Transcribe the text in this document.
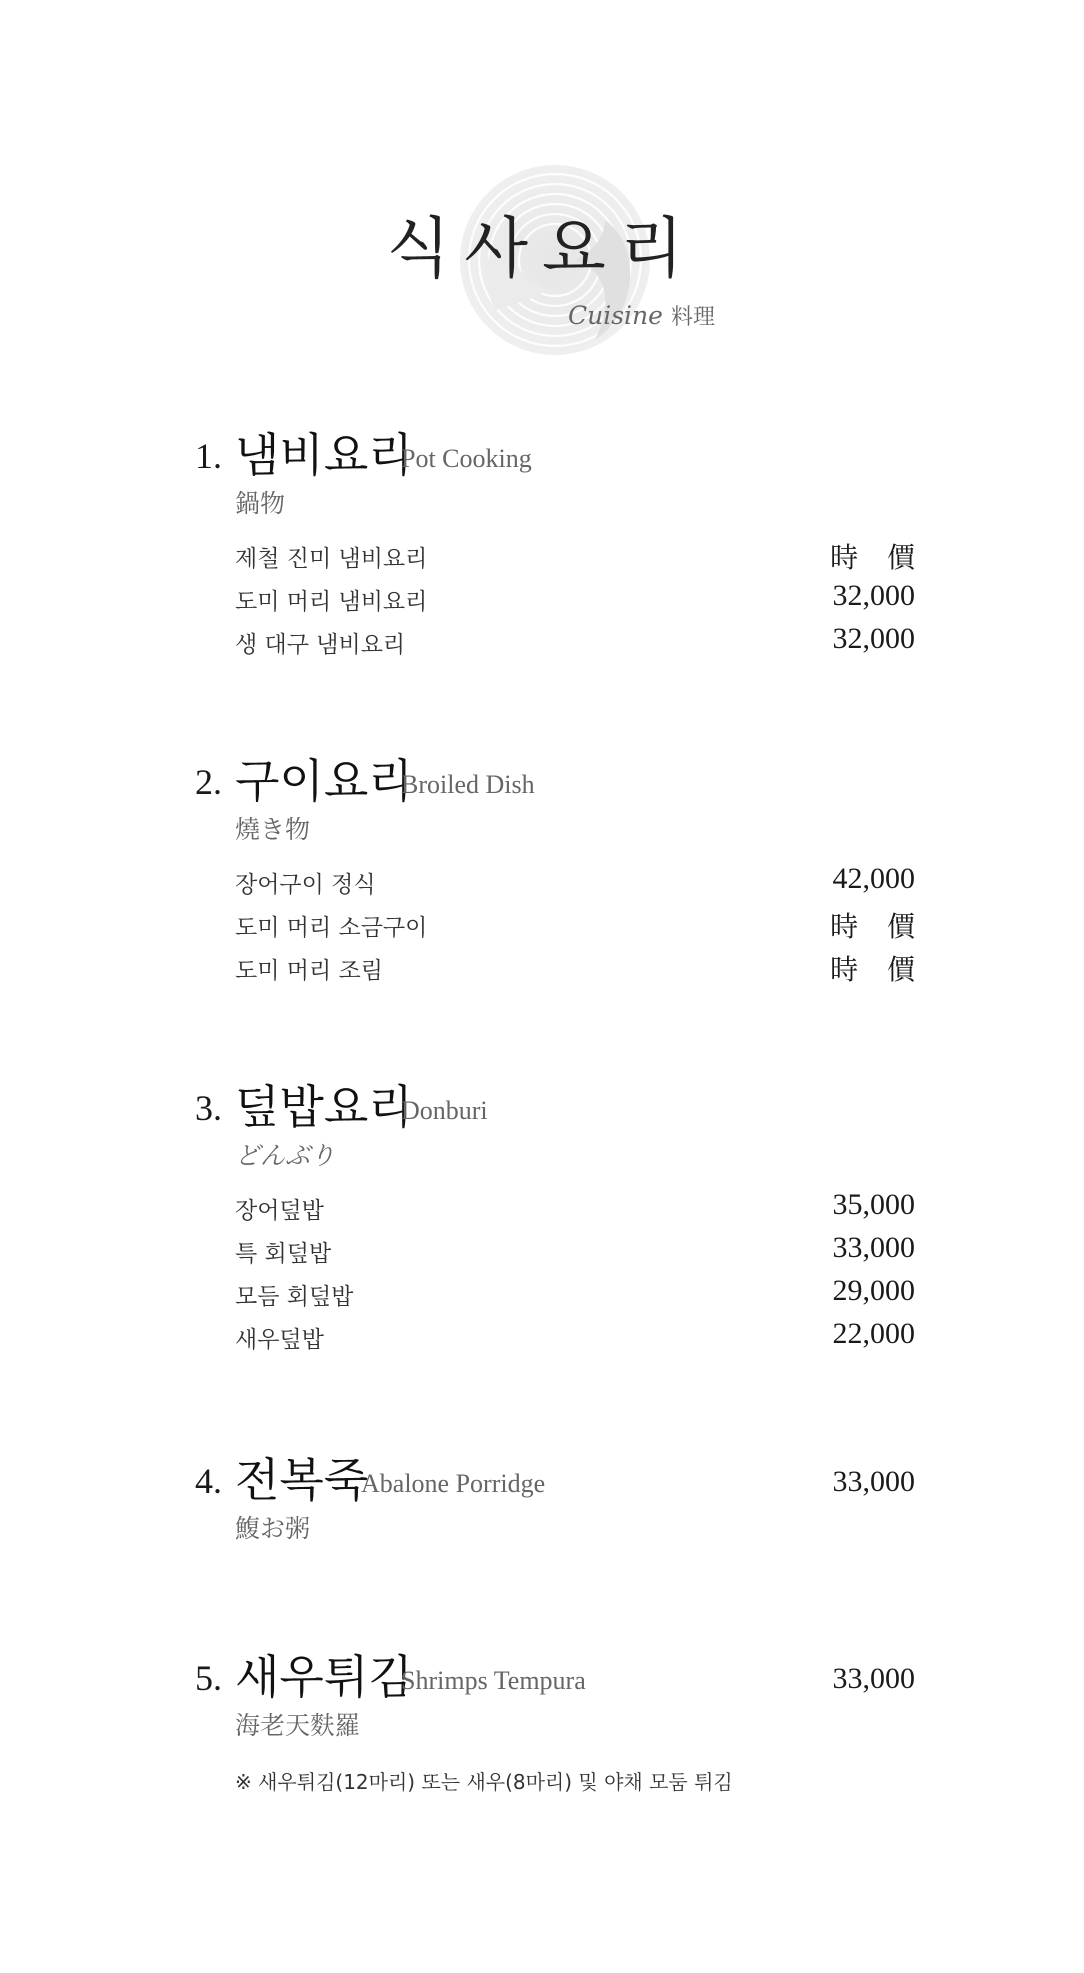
식사요리
Cuisine 料理
1. 냄비요리
Pot Cooking
鍋物
제철 진미 냄비요리	時 價
도미 머리 냄비요리	32,000
생 대구 냄비요리	32,000
2. 구이요리
Broiled Dish
燒き物
장어구이 정식	42,000
도미 머리 소금구이	時 價
도미 머리 조림	時 價
3. 덮밥요리
Donburi
どんぶり
장어덮밥	35,000
특 회덮밥	33,000
모듬 회덮밥	29,000
새우덮밥	22,000
4. 전복죽
Abalone Porridge	33,000
鰒お粥
5. 새우튀김
Shrimps Tempura	33,000
海老天麩羅
※ 새우튀김(12마리) 또는 새우(8마리) 및 야채 모둠 튀김
